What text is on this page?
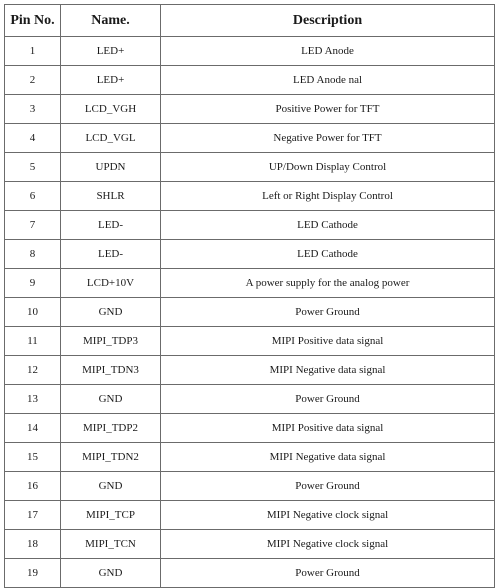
Pin No.	Name.	Description
1	LED+	LED Anode
2	LED+	LED Anode nal
3	LCD_VGH	Positive Power for TFT
4	LCD_VGL	Negative Power for TFT
5	UPDN	UP/Down Display Control
6	SHLR	Left or Right Display Control
7	LED-	LED Cathode
8	LED-	LED Cathode
9	LCD+10V	A power supply for the analog power
10	GND	Power Ground
11	MIPI_TDP3	MIPI Positive data signal
12	MIPI_TDN3	MIPI Negative data signal
13	GND	Power Ground
14	MIPI_TDP2	MIPI Positive data signal
15	MIPI_TDN2	MIPI Negative data signal
16	GND	Power Ground
17	MIPI_TCP	MIPI Negative clock signal
18	MIPI_TCN	MIPI Negative clock signal
19	GND	Power Ground
